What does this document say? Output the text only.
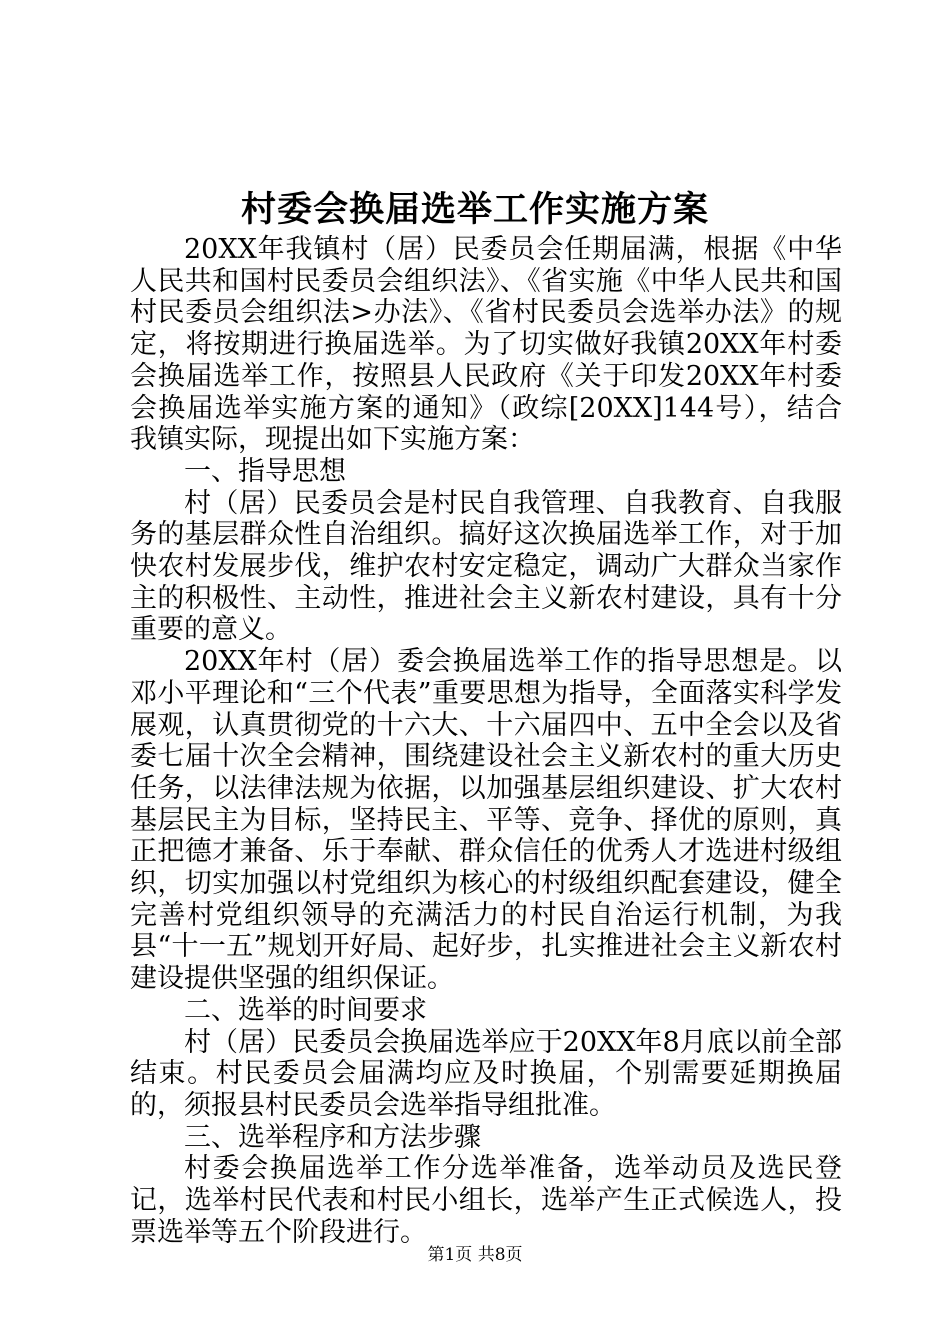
村委会换届选举工作实施方案

20XX年我镇村（居）民委员会任期届满，根据《中华人民共和国村民委员会组织法》、《省实施《中华人民共和国村民委员会组织法>办法》、《省村民委员会选举办法》的规定，将按期进行换届选举。为了切实做好我镇20XX年村委会换届选举工作，按照县人民政府《关于印发20XX年村委会换届选举实施方案的通知》（政综[20XX]144号），结合我镇实际，现提出如下实施方案：

一、指导思想

村（居）民委员会是村民自我管理、自我教育、自我服务的基层群众性自治组织。搞好这次换届选举工作，对于加快农村发展步伐，维护农村安定稳定，调动广大群众当家作主的积极性、主动性，推进社会主义新农村建设，具有十分重要的意义。

20XX年村（居）委会换届选举工作的指导思想是。以邓小平理论和“三个代表”重要思想为指导，全面落实科学发展观，认真贯彻党的十六大、十六届四中、五中全会以及省委七届十次全会精神，围绕建设社会主义新农村的重大历史任务，以法律法规为依据，以加强基层组织建设、扩大农村基层民主为目标，坚持民主、平等、竞争、择优的原则，真正把德才兼备、乐于奉献、群众信任的优秀人才选进村级组织，切实加强以村党组织为核心的村级组织配套建设，健全完善村党组织领导的充满活力的村民自治运行机制，为我县“十一五”规划开好局、起好步，扎实推进社会主义新农村建设提供坚强的组织保证。

二、选举的时间要求

村（居）民委员会换届选举应于20XX年8月底以前全部结束。村民委员会届满均应及时换届，个别需要延期换届的，须报县村民委员会选举指导组批准。

三、选举程序和方法步骤

村委会换届选举工作分选举准备，选举动员及选民登记，选举村民代表和村民小组长，选举产生正式候选人，投票选举等五个阶段进行。

第1页 共8页
